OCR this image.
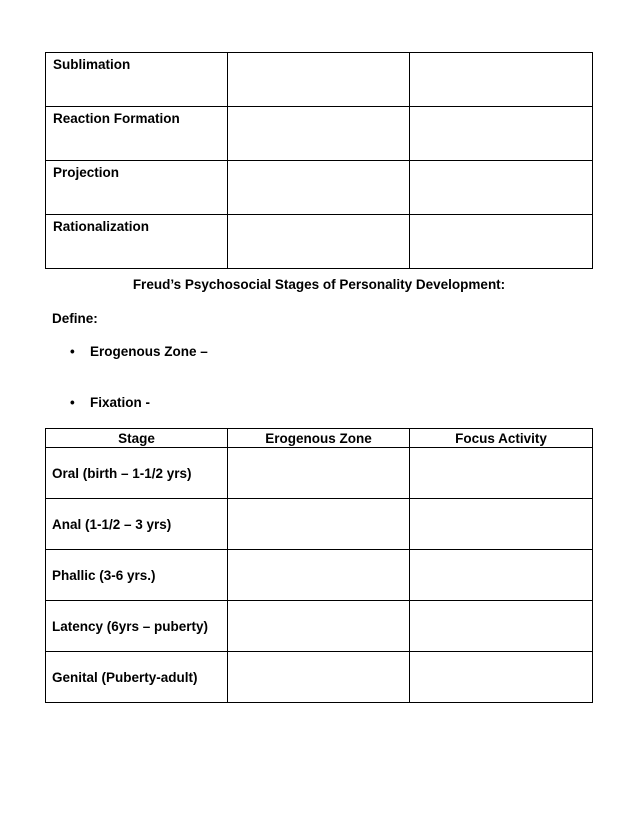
Sublimation		
Reaction Formation		
Projection		
Rationalization		

Freud’s Psychosocial Stages of Personality Development:

Define:

• Erogenous Zone –
• Fixation -
Stage	Erogenous Zone	Focus Activity
Oral (birth – 1-1/2 yrs)		
Anal (1-1/2 – 3 yrs)		
Phallic (3-6 yrs.)		
Latency (6yrs – puberty)		
Genital (Puberty-adult)		
